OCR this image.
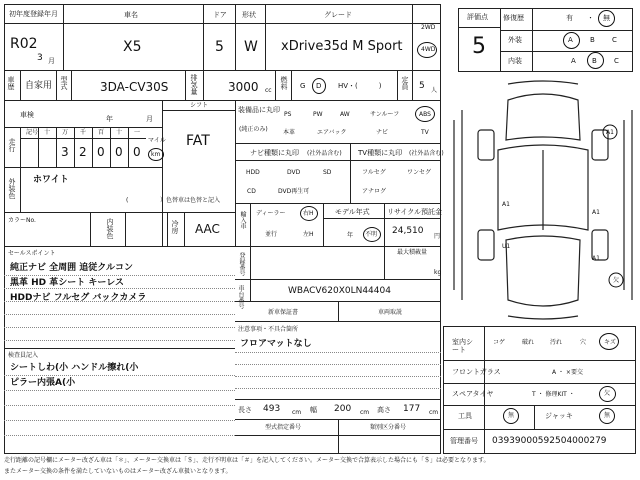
初年度登録年月
R02
3 月
車名
X5
ドア
5
形状
W
グレード
xDrive35d M Sport
2WD
4WD
車歴 自家用 型式	3DA-CV30S	排気量	3000 cc
燃料 G D HV・(　　　)	定員 5 人
車検	年	月
シフト
FAT
走行
記号 十 万 千 百 十 一
3 2 0 0 0
マイル
km
外装色 ホワイト
(	）色替車は色替と記入
カラーNo.	内装色	冷房 AAC
装備品に丸印
(純正のみ)
PS	PW	AW	サンルーフ	ABS
本革	エアバック	ナビ	TV
ナビ種類に丸印 (社外品含む) TV種類に丸印 (社外品含む)
HDD	DVD	SD
CD	DVD再生可
フルセグ	ワンセグ
アナログ
輸入車 ディーラー	右H
並行	左H
モデル年式
年 不明
リサイクル預託金
24,510
円
最大積載量
kg
登録番号
車台番号	WBACV620X0LN44404
新車保証書	車両取説
セールスポイント
純正ナビ 全周囲 追従クルコン
黒革 HD 革シート キーレス
HDDナビ フルセグ バックカメラ
検査員記入
シートしわ(小 ハンドル擦れ(小
ピラー内張A(小
注意事項・不具合箇所
フロアマットなし
長さ 493 cm 幅 200 cm 高さ 177 cm
型式指定番号	類別区分番号
評価点
5
修復歴	有 ・ 無
外装	A B C
内装	A B C
A1
A1
U1
A1
A1
欠
室内シート
コゲ	破れ	汚れ	穴	キズ
フロントガラス	A ・ ×要交
スペアタイヤ	T ・ 修理KIT ・	欠
工具	無	ジャッキ	無
管理番号 0393900059250400027​9
走行距離の記号欄にメーター改ざん車は「＊」、メーター交換車は「＄」、走行不明車は「＃」を記入してください。メーター交換で合算表示した場合にも「＄」は必要となります。
またメーター交換の条件を満たしていないものはメーター改ざん車扱いとなります。
